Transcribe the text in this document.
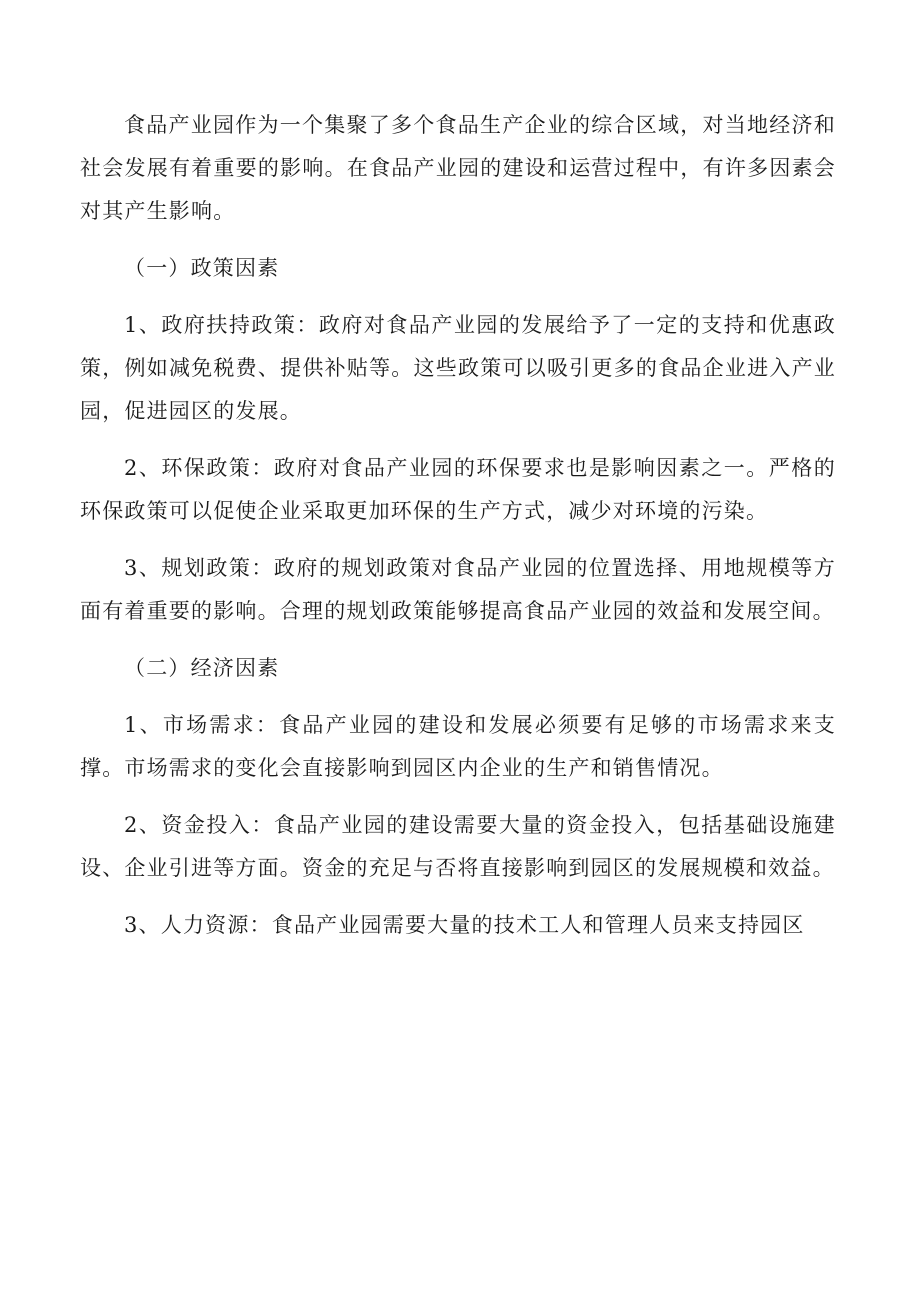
食品产业园作为一个集聚了多个食品生产企业的综合区域，对当地经济和社会发展有着重要的影响。在食品产业园的建设和运营过程中，有许多因素会对其产生影响。

（一）政策因素

1、政府扶持政策：政府对食品产业园的发展给予了一定的支持和优惠政策，例如减免税费、提供补贴等。这些政策可以吸引更多的食品企业进入产业园，促进园区的发展。

2、环保政策：政府对食品产业园的环保要求也是影响因素之一。严格的环保政策可以促使企业采取更加环保的生产方式，减少对环境的污染。

3、规划政策：政府的规划政策对食品产业园的位置选择、用地规模等方面有着重要的影响。合理的规划政策能够提高食品产业园的效益和发展空间。

（二）经济因素

1、市场需求：食品产业园的建设和发展必须要有足够的市场需求来支撑。市场需求的变化会直接影响到园区内企业的生产和销售情况。

2、资金投入：食品产业园的建设需要大量的资金投入，包括基础设施建设、企业引进等方面。资金的充足与否将直接影响到园区的发展规模和效益。

3、人力资源：食品产业园需要大量的技术工人和管理人员来支持园区
